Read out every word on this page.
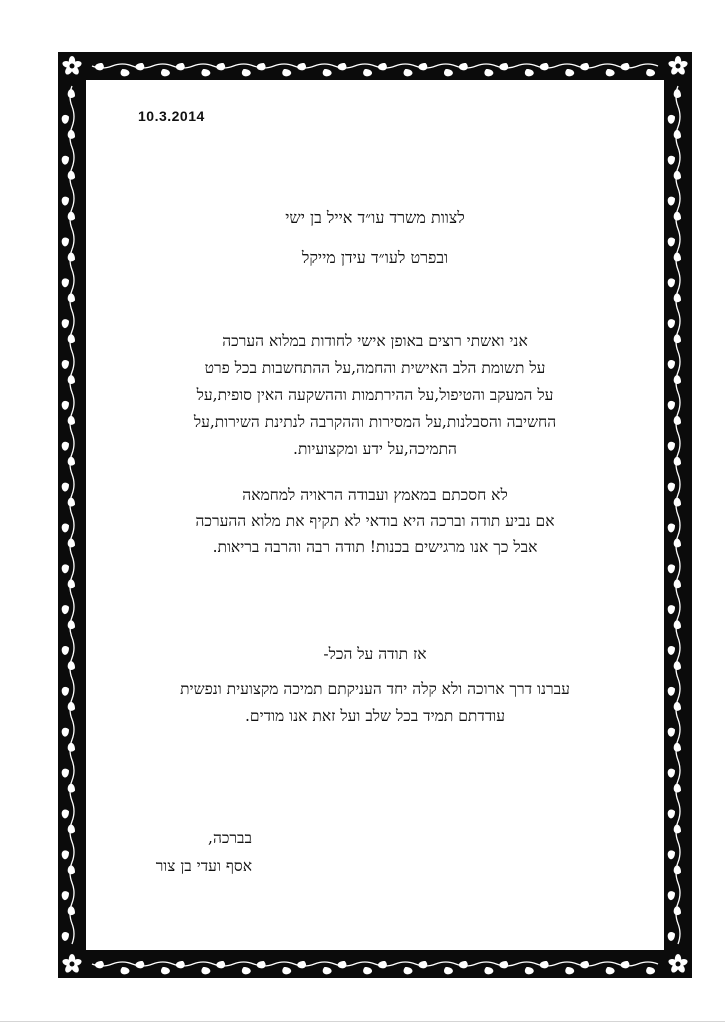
10.3.2014
לצוות משרד עו״ד אייל בן ישי
ובפרט לעו״ד עידן מייקל

אני ואשתי רוצים באופן אישי לחודות במלוא הערכה

על תשומת הלב האישית והחמה,על ההתחשבות בכל פרט

על המעקב והטיפול,על ההירתמות וההשקעה האין סופית,על

החשיבה והסבלנות,על המסירות וההקרבה לנתינת השירות,על

התמיכה,על ידע ומקצועיות.

לא חסכתם במאמץ ועבודה הראויה למחמאה

אם נביע תודה וברכה היא בודאי לא תקיף את מלוא ההערכה

אבל כך אנו מרגישים בכנות! תודה רבה והרבה בריאות.

אז תודה על הכל-

עברנו דרך ארוכה ולא קלה יחד העניקתם תמיכה מקצועית ונפשית

עודדתם תמיד בכל שלב ועל זאת אנו מודים.

בברכה,
אסף ועדי בן צור
